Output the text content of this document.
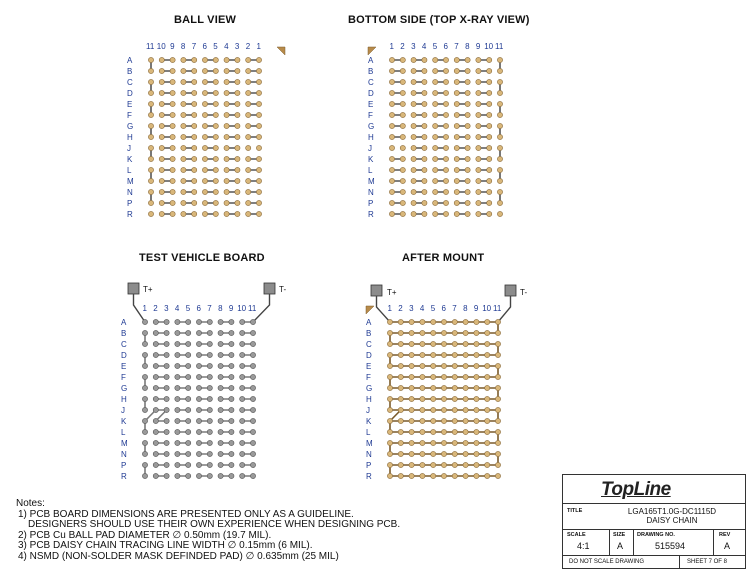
BALL VIEW	BOTTOM SIDE (TOP X-RAY VIEW)
TEST VEHICLE BOARD	AFTER MOUNT
T+	T-	T+	T-
11 10 9 8 7 6 5 4 3 2 1
A
B
C
D
E
F
G
H
J
K
L
M
N
P
R
1 2 3 4 5 6 7 8 9 10 11
A
B
C
D
E
F
G
H
J
K
L
M
N
P
R
1 2 3 4 5 6 7 8 9 10 11
A
B
C
D
E
F
G
H
J
K
L
M
N
P
R
1 2 3 4 5 6 7 8 9 10 11
A
B
C
D
E
F
G
H
J
K
L
M
N
P
R
Notes:
1) PCB BOARD DIMENSIONS ARE PRESENTED ONLY AS A GUIDELINE.
DESIGNERS SHOULD USE THEIR OWN EXPERIENCE WHEN DESIGNING PCB.
2) PCB Cu BALL PAD DIAMETER ∅ 0.50mm (19.7 MIL).
3) PCB DAISY CHAIN TRACING LINE WIDTH ∅ 0.15mm (6 MIL).
4) NSMD (NON-SOLDER MASK DEFINDED PAD) ∅ 0.635mm (25 MIL)
TopLine
TITLE	LGA165T1.0G-DC1115D
DAISY CHAIN
SCALE
4:1
SIZE
A
DRAWING NO.
515594
REV
A
DO NOT SCALE DRAWING	SHEET 7 OF 8
